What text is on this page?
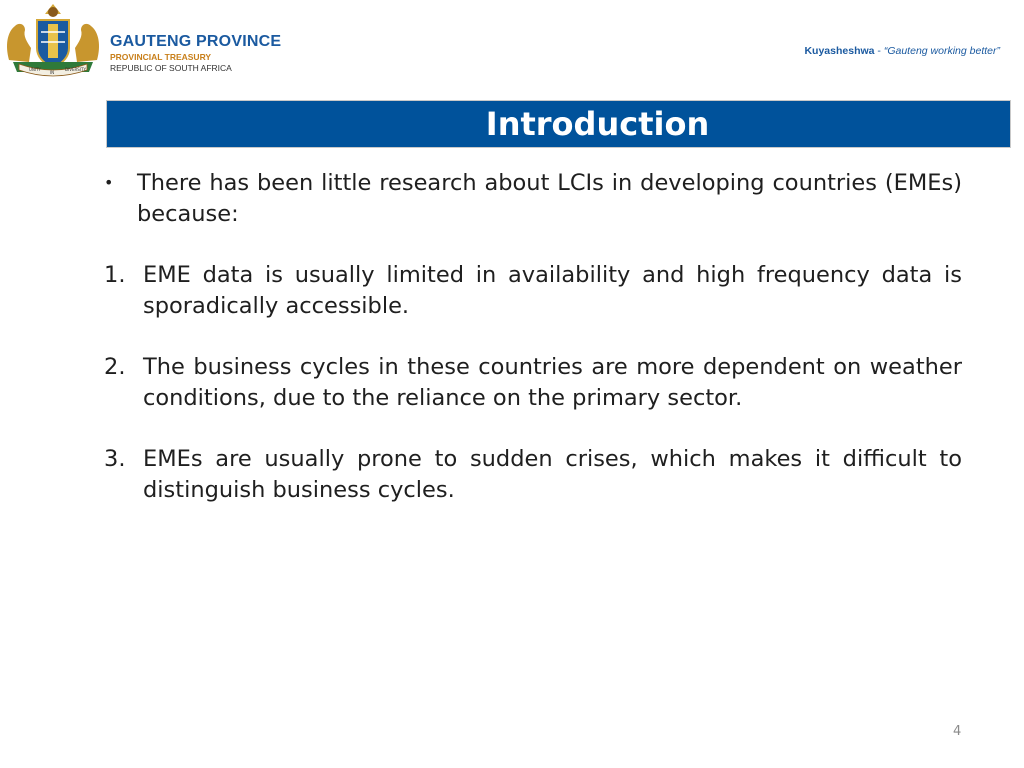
UNITY
IN
DIVERSITY
GAUTENG PROVINCE
PROVINCIAL TREASURY
REPUBLIC OF SOUTH AFRICA
Kuyasheshwa - “Gauteng working better”
Introduction
•	There has been little research about LCIs in developing countries (EMEs) because:
1. EME data is usually limited in availability and high frequency data is sporadically accessible.
2. The business cycles in these countries are more dependent on weather conditions, due to the reliance on the primary sector.
3. EMEs are usually prone to sudden crises, which makes it difficult to distinguish business cycles.
4
